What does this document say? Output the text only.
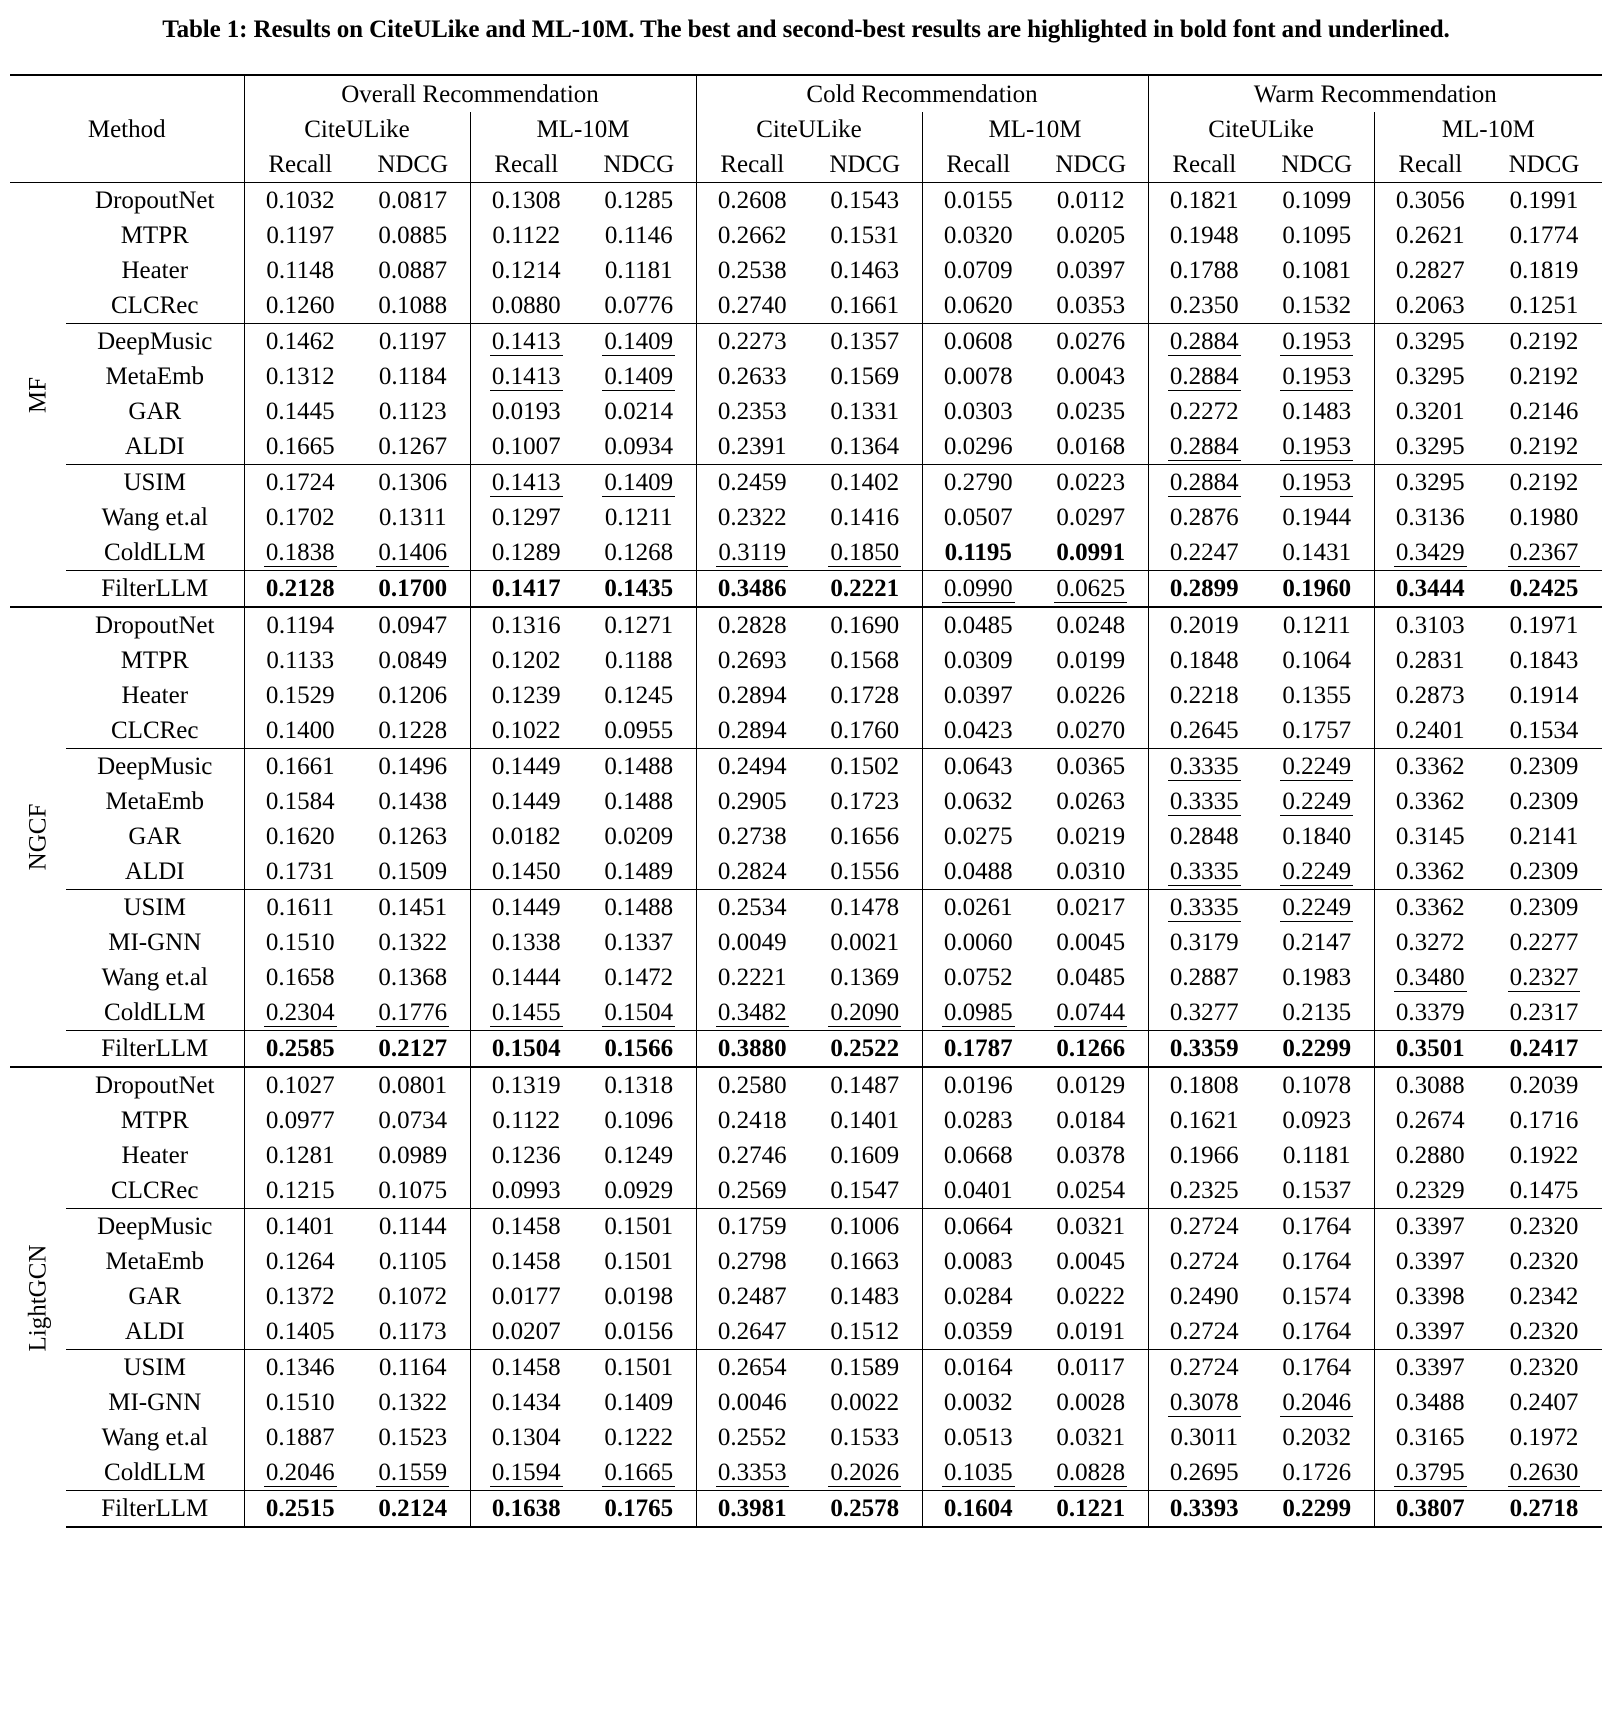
Table 1: Results on CiteULike and ML-10M. The best and second-best results are highlighted in bold font and underlined.
Method		Overall Recommendation				Cold Recommendation				Warm Recommendation			
		CiteULike		ML-10M		CiteULike		ML-10M		CiteULike		ML-10M	
		Recall	NDCG	Recall	NDCG	Recall	NDCG	Recall	NDCG	Recall	NDCG	Recall	NDCG

MF	DropoutNet	0.1032	0.0817	0.1308	0.1285	0.2608	0.1543	0.0155	0.0112	0.1821	0.1099	0.3056	0.1991
	MTPR	0.1197	0.0885	0.1122	0.1146	0.2662	0.1531	0.0320	0.0205	0.1948	0.1095	0.2621	0.1774
	Heater	0.1148	0.0887	0.1214	0.1181	0.2538	0.1463	0.0709	0.0397	0.1788	0.1081	0.2827	0.1819
	CLCRec	0.1260	0.1088	0.0880	0.0776	0.2740	0.1661	0.0620	0.0353	0.2350	0.1532	0.2063	0.1251
	DeepMusic	0.1462	0.1197	0.1413	0.1409	0.2273	0.1357	0.0608	0.0276	0.2884	0.1953	0.3295	0.2192
	MetaEmb	0.1312	0.1184	0.1413	0.1409	0.2633	0.1569	0.0078	0.0043	0.2884	0.1953	0.3295	0.2192
	GAR	0.1445	0.1123	0.0193	0.0214	0.2353	0.1331	0.0303	0.0235	0.2272	0.1483	0.3201	0.2146
	ALDI	0.1665	0.1267	0.1007	0.0934	0.2391	0.1364	0.0296	0.0168	0.2884	0.1953	0.3295	0.2192
	USIM	0.1724	0.1306	0.1413	0.1409	0.2459	0.1402	0.2790	0.0223	0.2884	0.1953	0.3295	0.2192
	Wang et.al	0.1702	0.1311	0.1297	0.1211	0.2322	0.1416	0.0507	0.0297	0.2876	0.1944	0.3136	0.1980
	ColdLLM	0.1838	0.1406	0.1289	0.1268	0.3119	0.1850	0.1195	0.0991	0.2247	0.1431	0.3429	0.2367
	FilterLLM	0.2128	0.1700	0.1417	0.1435	0.3486	0.2221	0.0990	0.0625	0.2899	0.1960	0.3444	0.2425

NGCF	DropoutNet	0.1194	0.0947	0.1316	0.1271	0.2828	0.1690	0.0485	0.0248	0.2019	0.1211	0.3103	0.1971
	MTPR	0.1133	0.0849	0.1202	0.1188	0.2693	0.1568	0.0309	0.0199	0.1848	0.1064	0.2831	0.1843
	Heater	0.1529	0.1206	0.1239	0.1245	0.2894	0.1728	0.0397	0.0226	0.2218	0.1355	0.2873	0.1914
	CLCRec	0.1400	0.1228	0.1022	0.0955	0.2894	0.1760	0.0423	0.0270	0.2645	0.1757	0.2401	0.1534
	DeepMusic	0.1661	0.1496	0.1449	0.1488	0.2494	0.1502	0.0643	0.0365	0.3335	0.2249	0.3362	0.2309
	MetaEmb	0.1584	0.1438	0.1449	0.1488	0.2905	0.1723	0.0632	0.0263	0.3335	0.2249	0.3362	0.2309
	GAR	0.1620	0.1263	0.0182	0.0209	0.2738	0.1656	0.0275	0.0219	0.2848	0.1840	0.3145	0.2141
	ALDI	0.1731	0.1509	0.1450	0.1489	0.2824	0.1556	0.0488	0.0310	0.3335	0.2249	0.3362	0.2309
	USIM	0.1611	0.1451	0.1449	0.1488	0.2534	0.1478	0.0261	0.0217	0.3335	0.2249	0.3362	0.2309
	MI-GNN	0.1510	0.1322	0.1338	0.1337	0.0049	0.0021	0.0060	0.0045	0.3179	0.2147	0.3272	0.2277
	Wang et.al	0.1658	0.1368	0.1444	0.1472	0.2221	0.1369	0.0752	0.0485	0.2887	0.1983	0.3480	0.2327
	ColdLLM	0.2304	0.1776	0.1455	0.1504	0.3482	0.2090	0.0985	0.0744	0.3277	0.2135	0.3379	0.2317
	FilterLLM	0.2585	0.2127	0.1504	0.1566	0.3880	0.2522	0.1787	0.1266	0.3359	0.2299	0.3501	0.2417

LightGCN	DropoutNet	0.1027	0.0801	0.1319	0.1318	0.2580	0.1487	0.0196	0.0129	0.1808	0.1078	0.3088	0.2039
	MTPR	0.0977	0.0734	0.1122	0.1096	0.2418	0.1401	0.0283	0.0184	0.1621	0.0923	0.2674	0.1716
	Heater	0.1281	0.0989	0.1236	0.1249	0.2746	0.1609	0.0668	0.0378	0.1966	0.1181	0.2880	0.1922
	CLCRec	0.1215	0.1075	0.0993	0.0929	0.2569	0.1547	0.0401	0.0254	0.2325	0.1537	0.2329	0.1475
	DeepMusic	0.1401	0.1144	0.1458	0.1501	0.1759	0.1006	0.0664	0.0321	0.2724	0.1764	0.3397	0.2320
	MetaEmb	0.1264	0.1105	0.1458	0.1501	0.2798	0.1663	0.0083	0.0045	0.2724	0.1764	0.3397	0.2320
	GAR	0.1372	0.1072	0.0177	0.0198	0.2487	0.1483	0.0284	0.0222	0.2490	0.1574	0.3398	0.2342
	ALDI	0.1405	0.1173	0.0207	0.0156	0.2647	0.1512	0.0359	0.0191	0.2724	0.1764	0.3397	0.2320
	USIM	0.1346	0.1164	0.1458	0.1501	0.2654	0.1589	0.0164	0.0117	0.2724	0.1764	0.3397	0.2320
	MI-GNN	0.1510	0.1322	0.1434	0.1409	0.0046	0.0022	0.0032	0.0028	0.3078	0.2046	0.3488	0.2407
	Wang et.al	0.1887	0.1523	0.1304	0.1222	0.2552	0.1533	0.0513	0.0321	0.3011	0.2032	0.3165	0.1972
	ColdLLM	0.2046	0.1559	0.1594	0.1665	0.3353	0.2026	0.1035	0.0828	0.2695	0.1726	0.3795	0.2630
	FilterLLM	0.2515	0.2124	0.1638	0.1765	0.3981	0.2578	0.1604	0.1221	0.3393	0.2299	0.3807	0.2718
